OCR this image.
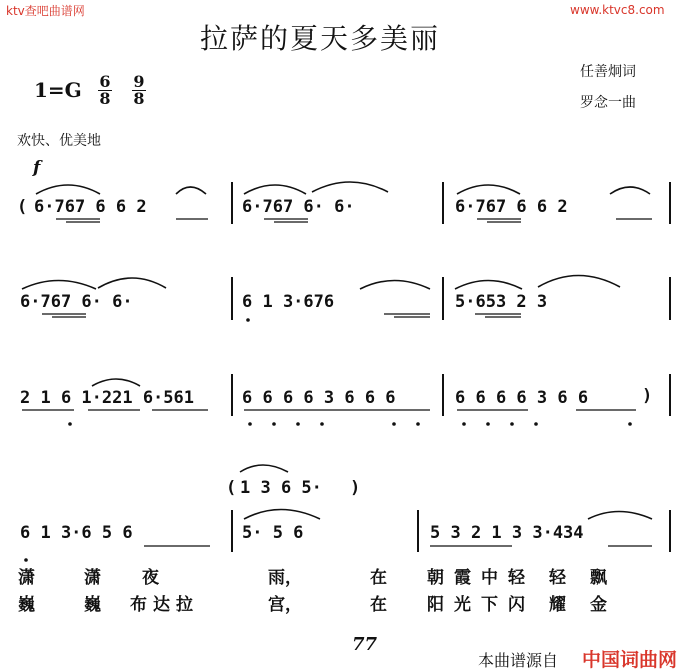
ktv查吧曲谱网	www.ktvc8.com
拉萨的夏天多美丽
任善炯词
罗念一曲
$1=G \frac{6}{8} \frac{9}{8}$
欢快、优美地
f
( 6·767 6 6 2	6·767 6· 6·	6·767 6 6 2
6·767 6· 6·	6 1 3·676	5·653 2 3
2 1 6 1·221 6·561	6 6 6 6 3 6 6 6	6 6 6 6 3 6 6	)
( 1 3 6 5· )
6 1 3·6 5 6	5· 5 6	5 3 2 1 3 3·434
潇	潇 夜	雨，	在 朝 霞 中 轻 轻 飘
巍	巍 布 达 拉	宫，	在 阳 光 下 闪 耀 金
77
本曲谱源自 中国词曲网
